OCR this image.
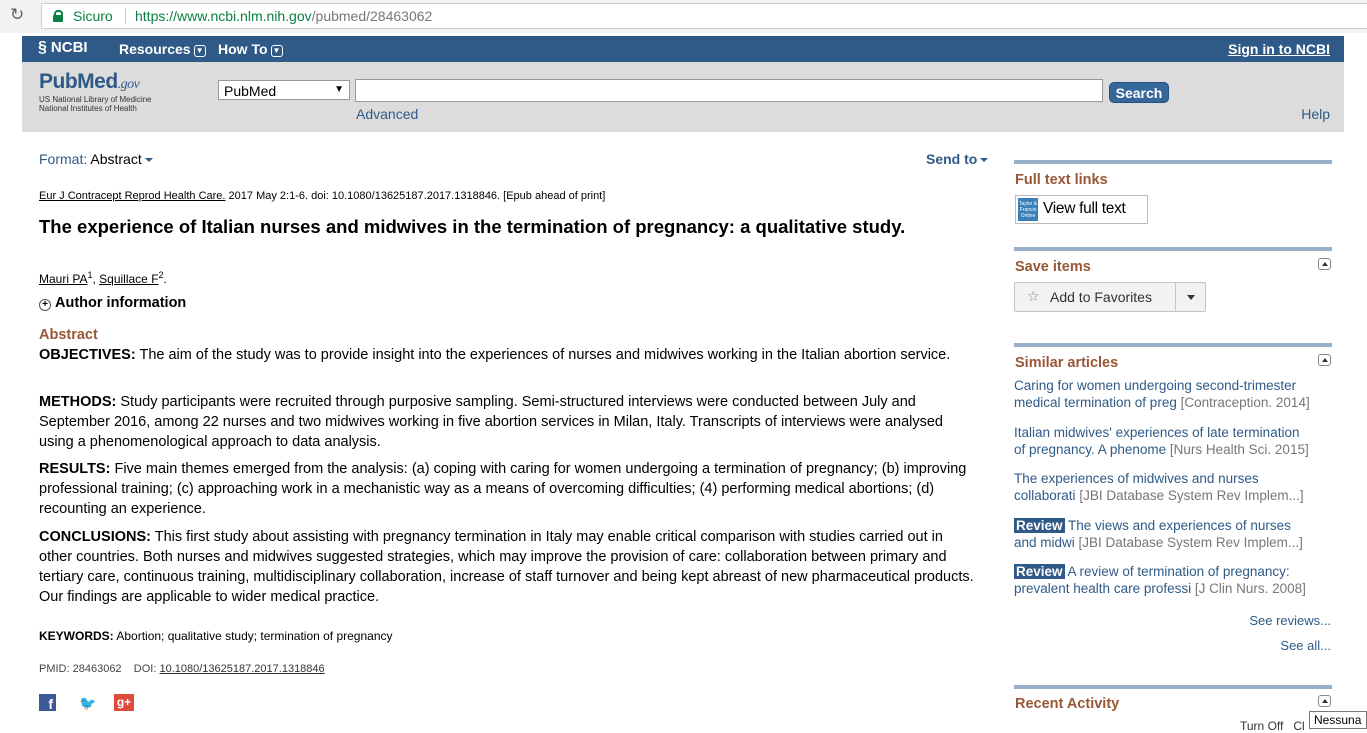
↻	Sicuro https://www.ncbi.nlm.nih.gov/pubmed/28463062
§ NCBI Resources ▼ How To ▼	Sign in to NCBI
PubMed.gov
US National Library of Medicine
National Institutes of Health
PubMed	▼	Search
Advanced	Help
Format: Abstract	Send to
Eur J Contracept Reprod Health Care. 2017 May 2:1-6. doi: 10.1080/13625187.2017.1318846. [Epub ahead of print]
The experience of Italian nurses and midwives in the termination of pregnancy: a qualitative study.
Mauri $PA^1$, Squillace $F^2$.
+ Author information
Abstract
OBJECTIVES: The aim of the study was to provide insight into the experiences of nurses and midwives working in the Italian abortion service.
METHODS: Study participants were recruited through purposive sampling. Semi-structured interviews were conducted between July and September 2016, among 22 nurses and two midwives working in five abortion services in Milan, Italy. Transcripts of interviews were analysed using a phenomenological approach to data analysis.
RESULTS: Five main themes emerged from the analysis: (a) coping with caring for women undergoing a termination of pregnancy; (b) improving professional training; (c) approaching work in a mechanistic way as a means of overcoming difficulties; (4) performing medical abortions; (d) recounting an experience.
CONCLUSIONS: This first study about assisting with pregnancy termination in Italy may enable critical comparison with studies carried out in other countries. Both nurses and midwives suggested strategies, which may improve the provision of care: collaboration between primary and tertiary care, continuous training, multidisciplinary collaboration, increase of staff turnover and being kept abreast of new pharmaceutical products. Our findings are applicable to wider medical practice.
KEYWORDS: Abortion; qualitative study; termination of pregnancy
PMID: 28463062 DOI: 10.1080/13625187.2017.1318846
f 🐦 g+
Full text links
Taylor & Francis Online View full text
Save items
☆ Add to Favorites
Similar articles
Caring for women undergoing second-trimester
medical termination of preg [Contraception. 2014]
Italian midwives' experiences of late termination
of pregnancy. A phenome [Nurs Health Sci. 2015]
The experiences of midwives and nurses
collaborati [JBI Database System Rev Implem...]
Review The views and experiences of nurses
and midwi [JBI Database System Rev Implem...]
Review A review of termination of pregnancy:
prevalent health care professi [J Clin Nurs. 2008]
See reviews...
See all...
Recent Activity
Turn Off Cl Nessuna
